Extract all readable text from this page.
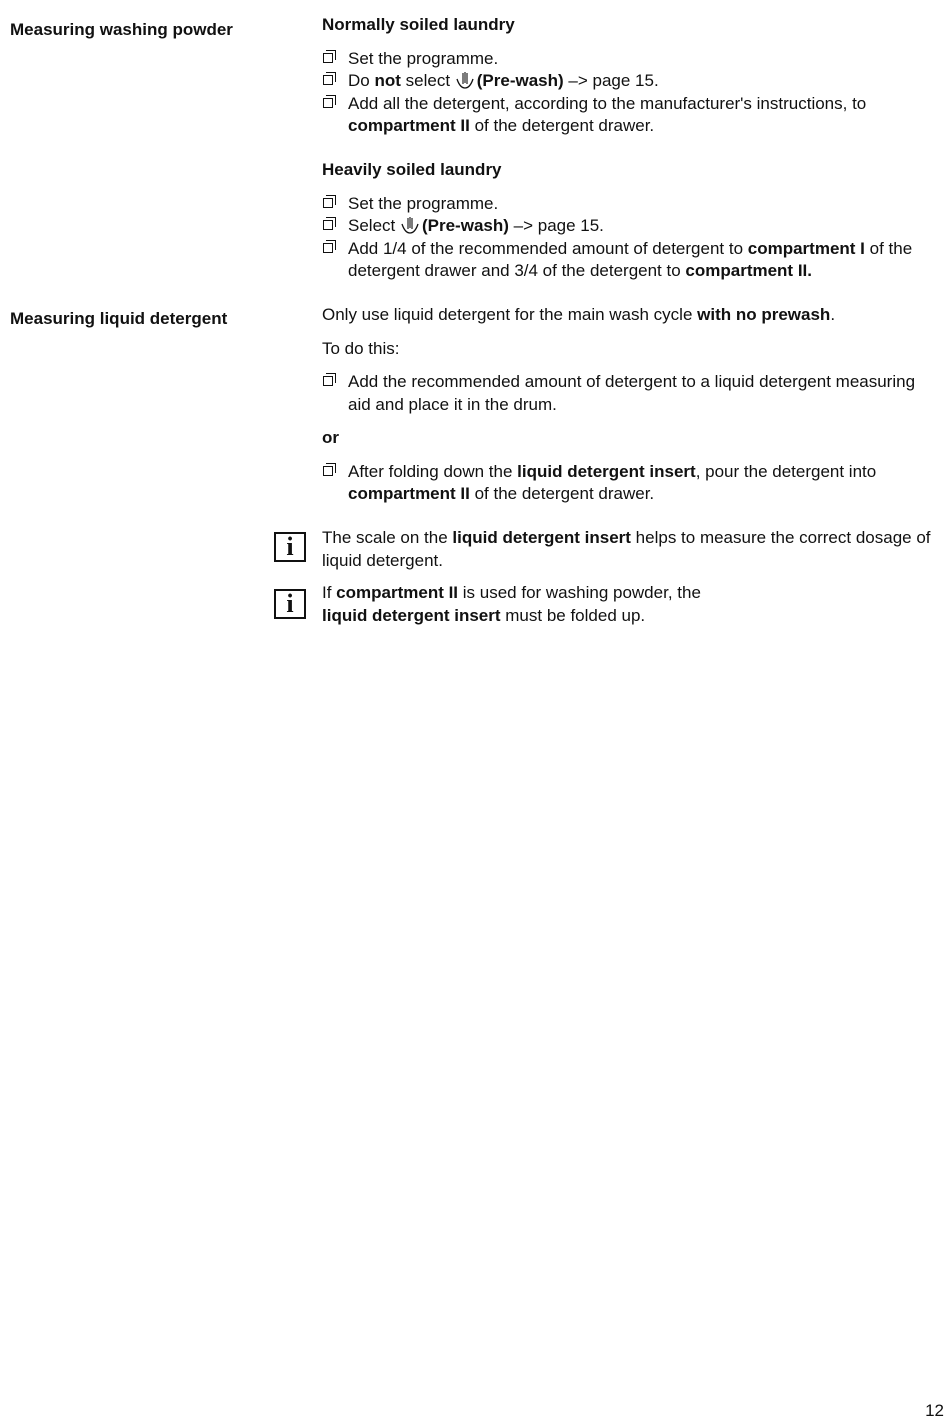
Measuring washing powder	Normally soiled laundry
Set the programme.
Do not select (Pre-wash) –> page 15.
Add all the detergent, according to the manufacturer's instructions, to compartment II of the detergent drawer.
Heavily soiled laundry
Set the programme.
Select (Pre-wash) –> page 15.
Add 1/4 of the recommended amount of detergent to compartment I of the detergent drawer and 3/4 of the detergent to compartment II.
Measuring liquid detergent	Only use liquid detergent for the main wash cycle with no prewash.

To do this:

Add the recommended amount of detergent to a liquid detergent measuring aid and place it in the drum.

or

After folding down the liquid detergent insert, pour the detergent into compartment II of the detergent drawer.
i	The scale on the liquid detergent insert helps to measure the correct dosage of liquid detergent.
i	If compartment II is used for washing powder, the
liquid detergent insert must be folded up.
12
